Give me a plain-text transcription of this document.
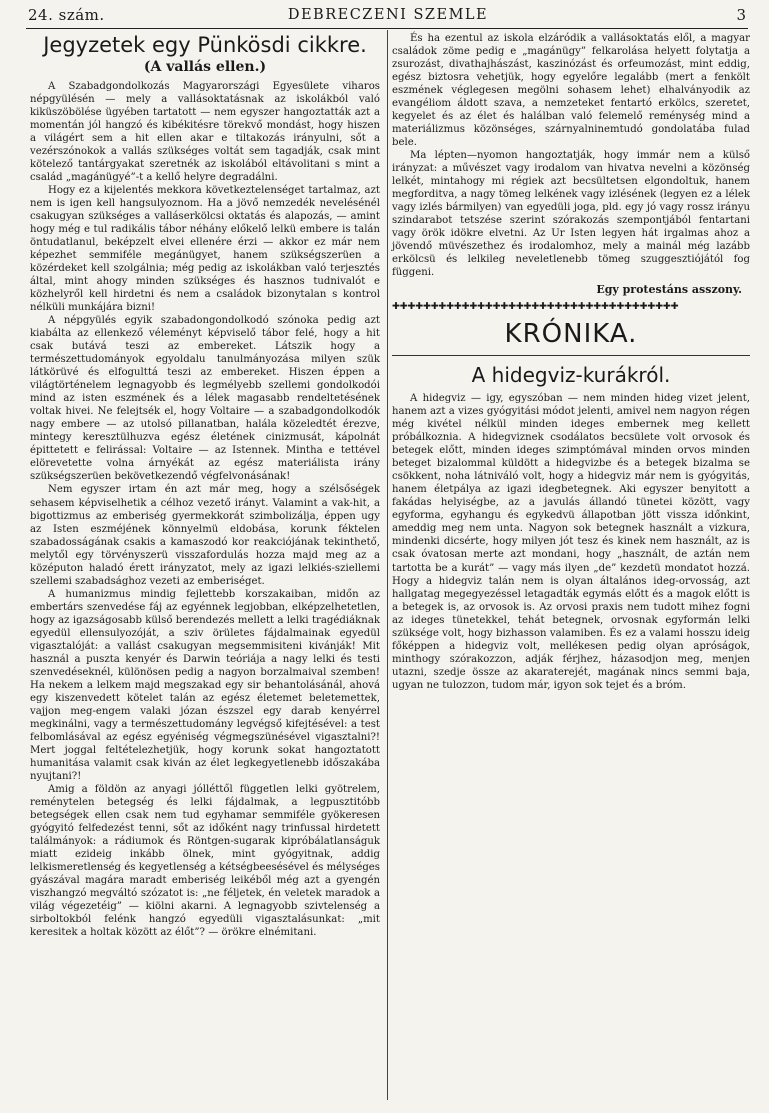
24. szám.	DEBRECZENI SZEMLE	3
Jegyzetek egy Pünkösdi cikkre.
(A vallás ellen.)

A Szabadgondolkozás Magyarországi Egyesülete viharos népgyülésén — mely a vallásoktatásnak az iskolákból való kiküszöbölése ügyében tartatott — nem egyszer hangoztatták azt a momentán jól hangzó és kibékitésre törekvő mondást, hogy hiszen a világért sem a hit ellen akar e tiltakozás irányulni, sőt a vezérszónokok a vallás szükséges voltát sem tagadják, csak mint kötelező tantárgyakat szeretnék az iskolából eltávolitani s mint a család „magánügyé”-t a kellő helyre degradálni.

Hogy ez a kijelentés mekkora következtelenséget tartalmaz, azt nem is igen kell hangsulyoznom. Ha a jövő nemzedék nevelésénél csakugyan szükséges a valláserkölcsi oktatás és alapozás, — amint hogy még e tul radikális tábor néhány előkelő lelkü embere is talán öntudatlanul, beképzelt elvei ellenére érzi — akkor ez már nem képezhet semmiféle megánügyet, hanem szükségszerüen a közérdeket kell szolgálnia; még pedig az iskolákban való terjesztés által, mint ahogy minden szükséges és hasznos tudnivalót e közhelyről kell hirdetni és nem a családok bizonytalan s kontrol nélküli munkájára bizni!

A népgyülés egyik szabadongondolkodó szónoka pedig azt kiabálta az ellenkező véleményt képviselő tábor felé, hogy a hit csak butává teszi az embereket. Látszik hogy a természettudományok egyoldalu tanulmányozása milyen szük látkörüvé és elfogulttá teszi az embereket. Hiszen éppen a világtörténelem legnagyobb és legmélyebb szellemi gondolkodói mind az isten eszmének és a lélek magasabb rendeltetésének voltak hivei. Ne felejtsék el, hogy Voltaire — a szabadgondolkodók nagy embere — az utolsó pillanatban, halála közeledtét érezve, mintegy keresztülhuzva egész életének cinizmusát, kápolnát épittetett e felirással: Voltaire — az Istennek. Mintha e tettével elörevetette volna árnyékát az egész materiálista irány szükségszerüen bekövetkezendő végfelvonásának!

Nem egyszer irtam én azt már meg, hogy a szélsőségek sehasem képviselhetik a célhoz vezető irányt. Valamint a vak-hit, a bigottizmus az emberiség gyermekkorát szimbolizálja, éppen ugy az Isten eszméjének könnyelmü eldobása, korunk féktelen szabadosságának csakis a kamaszodó kor reakciójának tekinthető, melytől egy törvényszerü visszafordulás hozza majd meg az a középuton haladó érett irányzatot, mely az igazi lelkiés-sziellemi szellemi szabadsághoz vezeti az emberiséget.

A humanizmus mindig fejlettebb korszakaiban, midőn az embertárs szenvedése fáj az egyénnek legjobban, elképzelhetetlen, hogy az igazságosabb külső berendezés mellett a lelki tragédiáknak egyedül ellensulyozóját, a sziv örületes fájdalmainak egyedül vigasztalóját: a vallást csakugyan megsemmisiteni kivánják! Mit használ a puszta kenyér és Darwin teóriája a nagy lelki és testi szenvedéseknél, különösen pedig a nagyon borzalmaival szemben! Ha nekem a lelkem majd megszakad egy sir behantolásánál, ahová egy kiszenvedett kötelet talán az egész életemet beletemettek, vajjon meg-engem valaki józan észszel egy darab kenyérrel megkinálni, vagy a természettudomány legvégső kifejtésével: a test felbomlásával az egész egyéniség végmegszünésével vigasztalni?! Mert joggal feltételezhetjük, hogy korunk sokat hangoztatott humanitása valamit csak kiván az élet legkegyetlenebb időszakába nyujtani?!

Amig a földön az anyagi jólléttől független lelki gyötrelem, reménytelen betegség és lelki fájdalmak, a legpusztitóbb betegségek ellen csak nem tud egyhamar semmiféle gyökeresen gyógyitó felfedezést tenni, sőt az időként nagy trinfussal hirdetett találmányok: a rádiumok és Röntgen-sugarak kipróbálatlanságuk miatt ezideig inkább ölnek, mint gyógyitnak, addig lelkismeretlenség és kegyetlenség a kétségbeesésével és mélységes gyászával magára maradt emberiség leikéből még azt a gyengén viszhangzó megváltó szózatot is: „ne féljetek, én veletek maradok a világ végezetéig” — kiölni akarni. A legnagyobb szivtelenség a sirboltokból felénk hangzó egyedüli vigasztalásunkat: „mit keresitek a holtak között az élőt”? — örökre elnémitani.

És ha ezentul az iskola elzáródik a vallásoktatás elől, a magyar családok zöme pedig e „magánügy” felkarolása helyett folytatja a zsurozást, divathajhászást, kaszinózást és orfeumozást, mint eddig, egész biztosra vehetjük, hogy egyelőre legalább (mert a fenkölt eszmének véglegesen megölni sohasem lehet) elhalványodik az evangéliom áldott szava, a nemzeteket fentartó erkölcs, szeretet, kegyelet és az élet és halálban való felemelő reménység mind a materiálizmus közönséges, szárnyalninemtudó gondolatába fulad bele.

Ma lépten—nyomon hangoztatják, hogy immár nem a külső irányzat: a művészet vagy irodalom van hivatva nevelni a közönség lelkét, mintahogy mi régiek azt becsültetsen elgondoltuk, hanem megforditva, a nagy tömeg lelkének vagy izlésének (legyen ez a lélek vagy izlés bármilyen) van egyedüli joga, pld. egy jó vagy rossz irányu szindarabot tetszése szerint szórakozás szempontjából fentartani vagy örök idökre elvetni. Az Ur Isten legyen hát irgalmas ahoz a jövendő müvészethez és irodalomhoz, mely a mainál még lazább erkölcsü és lelkileg neveletlenebb tömeg szuggesztiójától fog függeni.

Egy protestáns asszony.
✚✚✚✚✚✚✚✚✚✚✚✚✚✚✚✚✚✚✚✚✚✚✚✚✚✚✚✚✚✚✚✚✚✚✚✚✚
KRÓNIKA.
A hidegviz-kurákról.

A hidegviz — igy, egyszóban — nem minden hideg vizet jelent, hanem azt a vizes gyógyitási módot jelenti, amivel nem nagyon régen még kivétel nélkül minden ideges embernek meg kellett próbálkoznia. A hidegviznek csodálatos becsülete volt orvosok és betegek előtt, minden ideges szimptómával minden orvos minden beteget bizalommal küldött a hidegvizbe és a betegek bizalma se csökkent, noha látniváló volt, hogy a hidegviz már nem is gyógyitás, hanem életpálya az igazi idegbetegnek. Aki egyszer benyitott a fakádas helyiségbe, az a javulás állandó tünetei között, vagy egyforma, egyhangu és egykedvü állapotban jött vissza időnkint, ameddig meg nem unta. Nagyon sok betegnek használt a vizkura, mindenki dicsérte, hogy milyen jót tesz és kinek nem használt, az is csak óvatosan merte azt mondani, hogy „használt, de aztán nem tartotta be a kurát” — vagy más ilyen „de” kezdetü mondatot hozzá. Hogy a hidegviz talán nem is olyan általános ideg-orvosság, azt hallgatag megegyezéssel letagadták egymás előtt és a magok előtt is a betegek is, az orvosok is. Az orvosi praxis nem tudott mihez fogni az ideges tünetekkel, tehát betegnek, orvosnak egyformán lelki szüksége volt, hogy bizhasson valamiben. És ez a valami hosszu ideig főképpen a hidegviz volt, mellékesen pedig olyan apróságok, minthogy szórakozzon, adják férjhez, házasodjon meg, menjen utazni, szedje össze az akaraterejét, magának nincs semmi baja, ugyan ne tulozzon, tudom már, igyon sok tejet és a bróm.
